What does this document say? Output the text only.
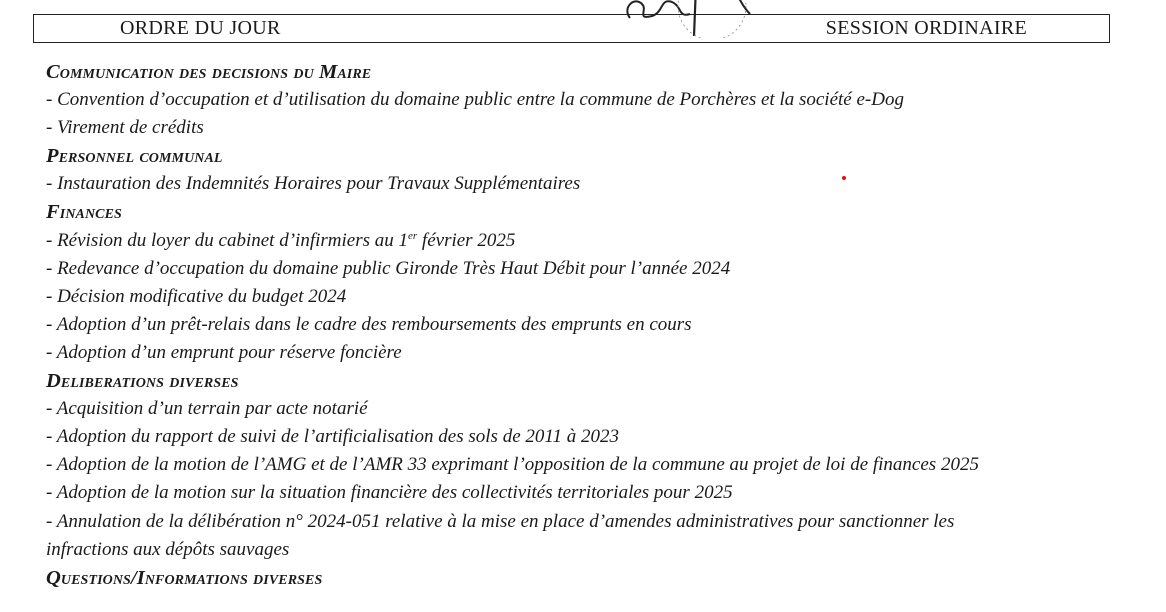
ORDRE DU JOUR	SESSION ORDINAIRE
Communication des decisions du Maire
- Convention d’occupation et d’utilisation du domaine public entre la commune de Porchères et la société e-Dog
- Virement de crédits
Personnel communal
- Instauration des Indemnités Horaires pour Travaux Supplémentaires
Finances
- Révision du loyer du cabinet d’infirmiers au 1er février 2025
- Redevance d’occupation du domaine public Gironde Très Haut Débit pour l’année 2024
- Décision modificative du budget 2024
- Adoption d’un prêt-relais dans le cadre des remboursements des emprunts en cours
- Adoption d’un emprunt pour réserve foncière
Deliberations diverses
- Acquisition d’un terrain par acte notarié
- Adoption du rapport de suivi de l’artificialisation des sols de 2011 à 2023
- Adoption de la motion de l’AMG et de l’AMR 33 exprimant l’opposition de la commune au projet de loi de finances 2025
- Adoption de la motion sur la situation financière des collectivités territoriales pour 2025
- Annulation de la délibération n° 2024-051 relative à la mise en place d’amendes administratives pour sanctionner les infractions aux dépôts sauvages
Questions/Informations diverses
